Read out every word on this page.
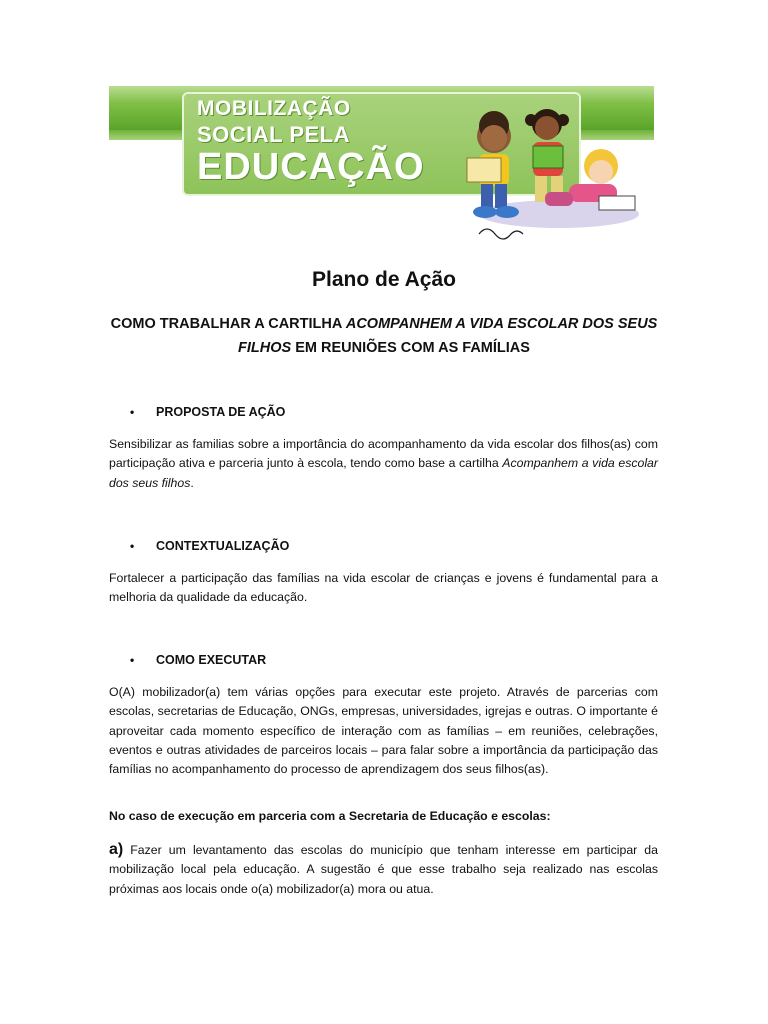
MOBILIZAÇÃO
SOCIAL PELA
EDUCAÇÃO
Plano de Ação
COMO TRABALHAR A CARTILHA ACOMPANHEM A VIDA ESCOLAR DOS SEUS FILHOS EM REUNIÕES COM AS FAMÍLIAS
• PROPOSTA DE AÇÃO
Sensibilizar as familias sobre a importância do acompanhamento da vida escolar dos filhos(as) com participação ativa e parceria junto à escola, tendo como base a cartilha Acompanhem a vida escolar dos seus filhos.
• CONTEXTUALIZAÇÃO
Fortalecer a participação das famílias na vida escolar de crianças e jovens é fundamental para a melhoria da qualidade da educação.
• COMO EXECUTAR
O(A) mobilizador(a) tem várias opções para executar este projeto. Através de parcerias com escolas, secretarias de Educação, ONGs, empresas, universidades, igrejas e outras. O importante é aproveitar cada momento específico de interação com as famílias – em reuniões, celebrações, eventos e outras atividades de parceiros locais – para falar sobre a importância da participação das famílias no acompanhamento do processo de aprendizagem dos seus filhos(as).
No caso de execução em parceria com a Secretaria de Educação e escolas:
a) Fazer um levantamento das escolas do município que tenham interesse em participar da mobilização local pela educação. A sugestão é que esse trabalho seja realizado nas escolas próximas aos locais onde o(a) mobilizador(a) mora ou atua.
